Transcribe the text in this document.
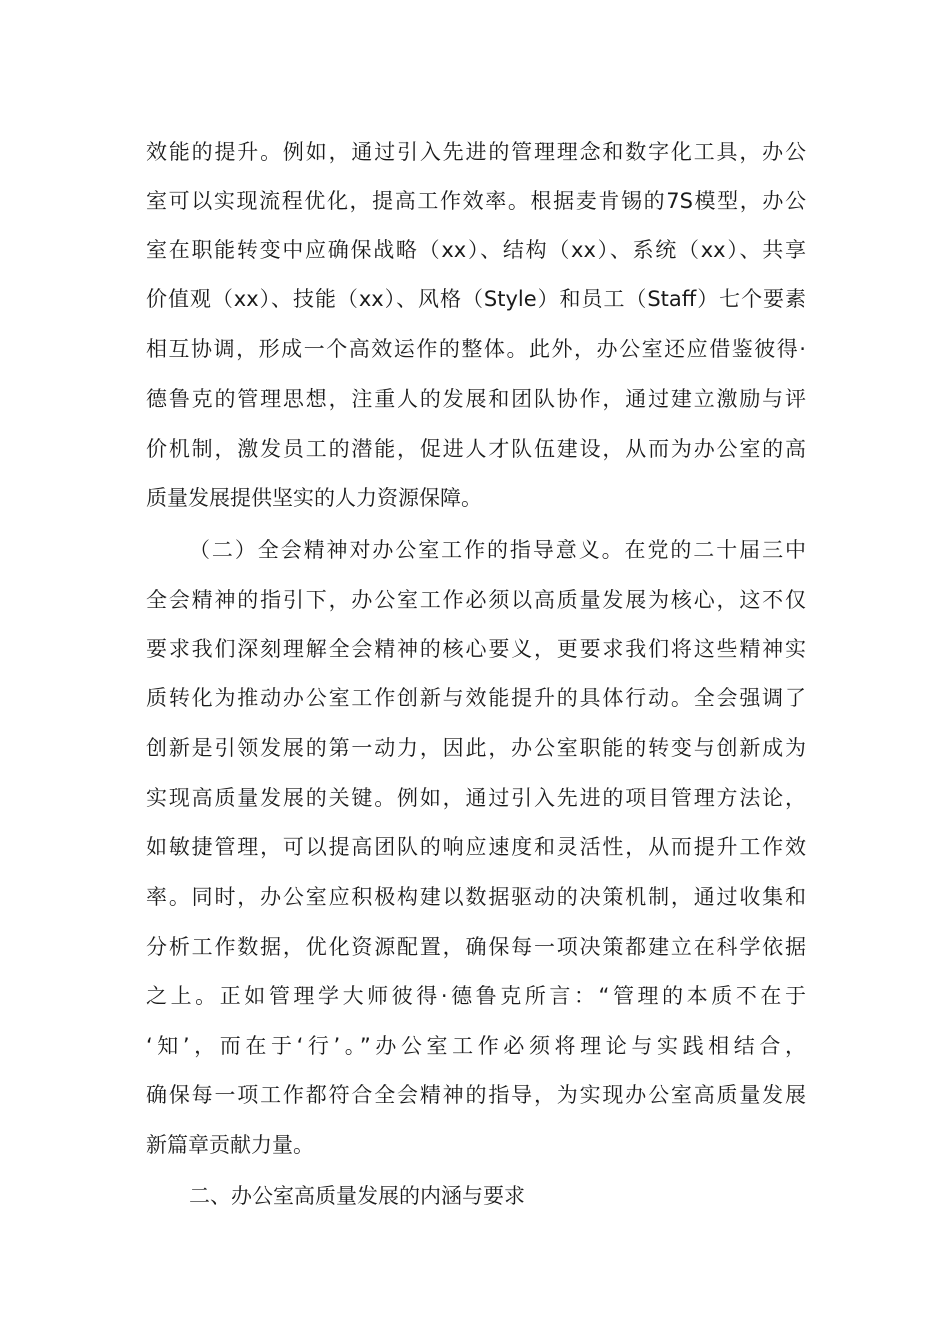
效能的提升。例如，通过引入先进的管理理念和数字化工具，办公
室可以实现流程优化，提高工作效率。根据麦肯锡的7S模型，办公
室在职能转变中应确保战略（xx）、结构（xx）、系统（xx）、共享
价值观（xx）、技能（xx）、风格（Style）和员工（Staff）七个要素
相互协调，形成一个高效运作的整体。此外，办公室还应借鉴彼得·
德鲁克的管理思想，注重人的发展和团队协作，通过建立激励与评
价机制，激发员工的潜能，促进人才队伍建设，从而为办公室的高
质量发展提供坚实的人力资源保障。
（二）全会精神对办公室工作的指导意义。在党的二十届三中
全会精神的指引下，办公室工作必须以高质量发展为核心，这不仅
要求我们深刻理解全会精神的核心要义，更要求我们将这些精神实
质转化为推动办公室工作创新与效能提升的具体行动。全会强调了
创新是引领发展的第一动力，因此，办公室职能的转变与创新成为
实现高质量发展的关键。例如，通过引入先进的项目管理方法论，
如敏捷管理，可以提高团队的响应速度和灵活性，从而提升工作效
率。同时，办公室应积极构建以数据驱动的决策机制，通过收集和
分析工作数据，优化资源配置，确保每一项决策都建立在科学依据
之上。正如管理学大师彼得·德鲁克所言：“管理的本质不在于
‘知’，而在于‘行’。”办公室工作必须将理论与实践相结合，
确保每一项工作都符合全会精神的指导，为实现办公室高质量发展
新篇章贡献力量。
二、办公室高质量发展的内涵与要求
